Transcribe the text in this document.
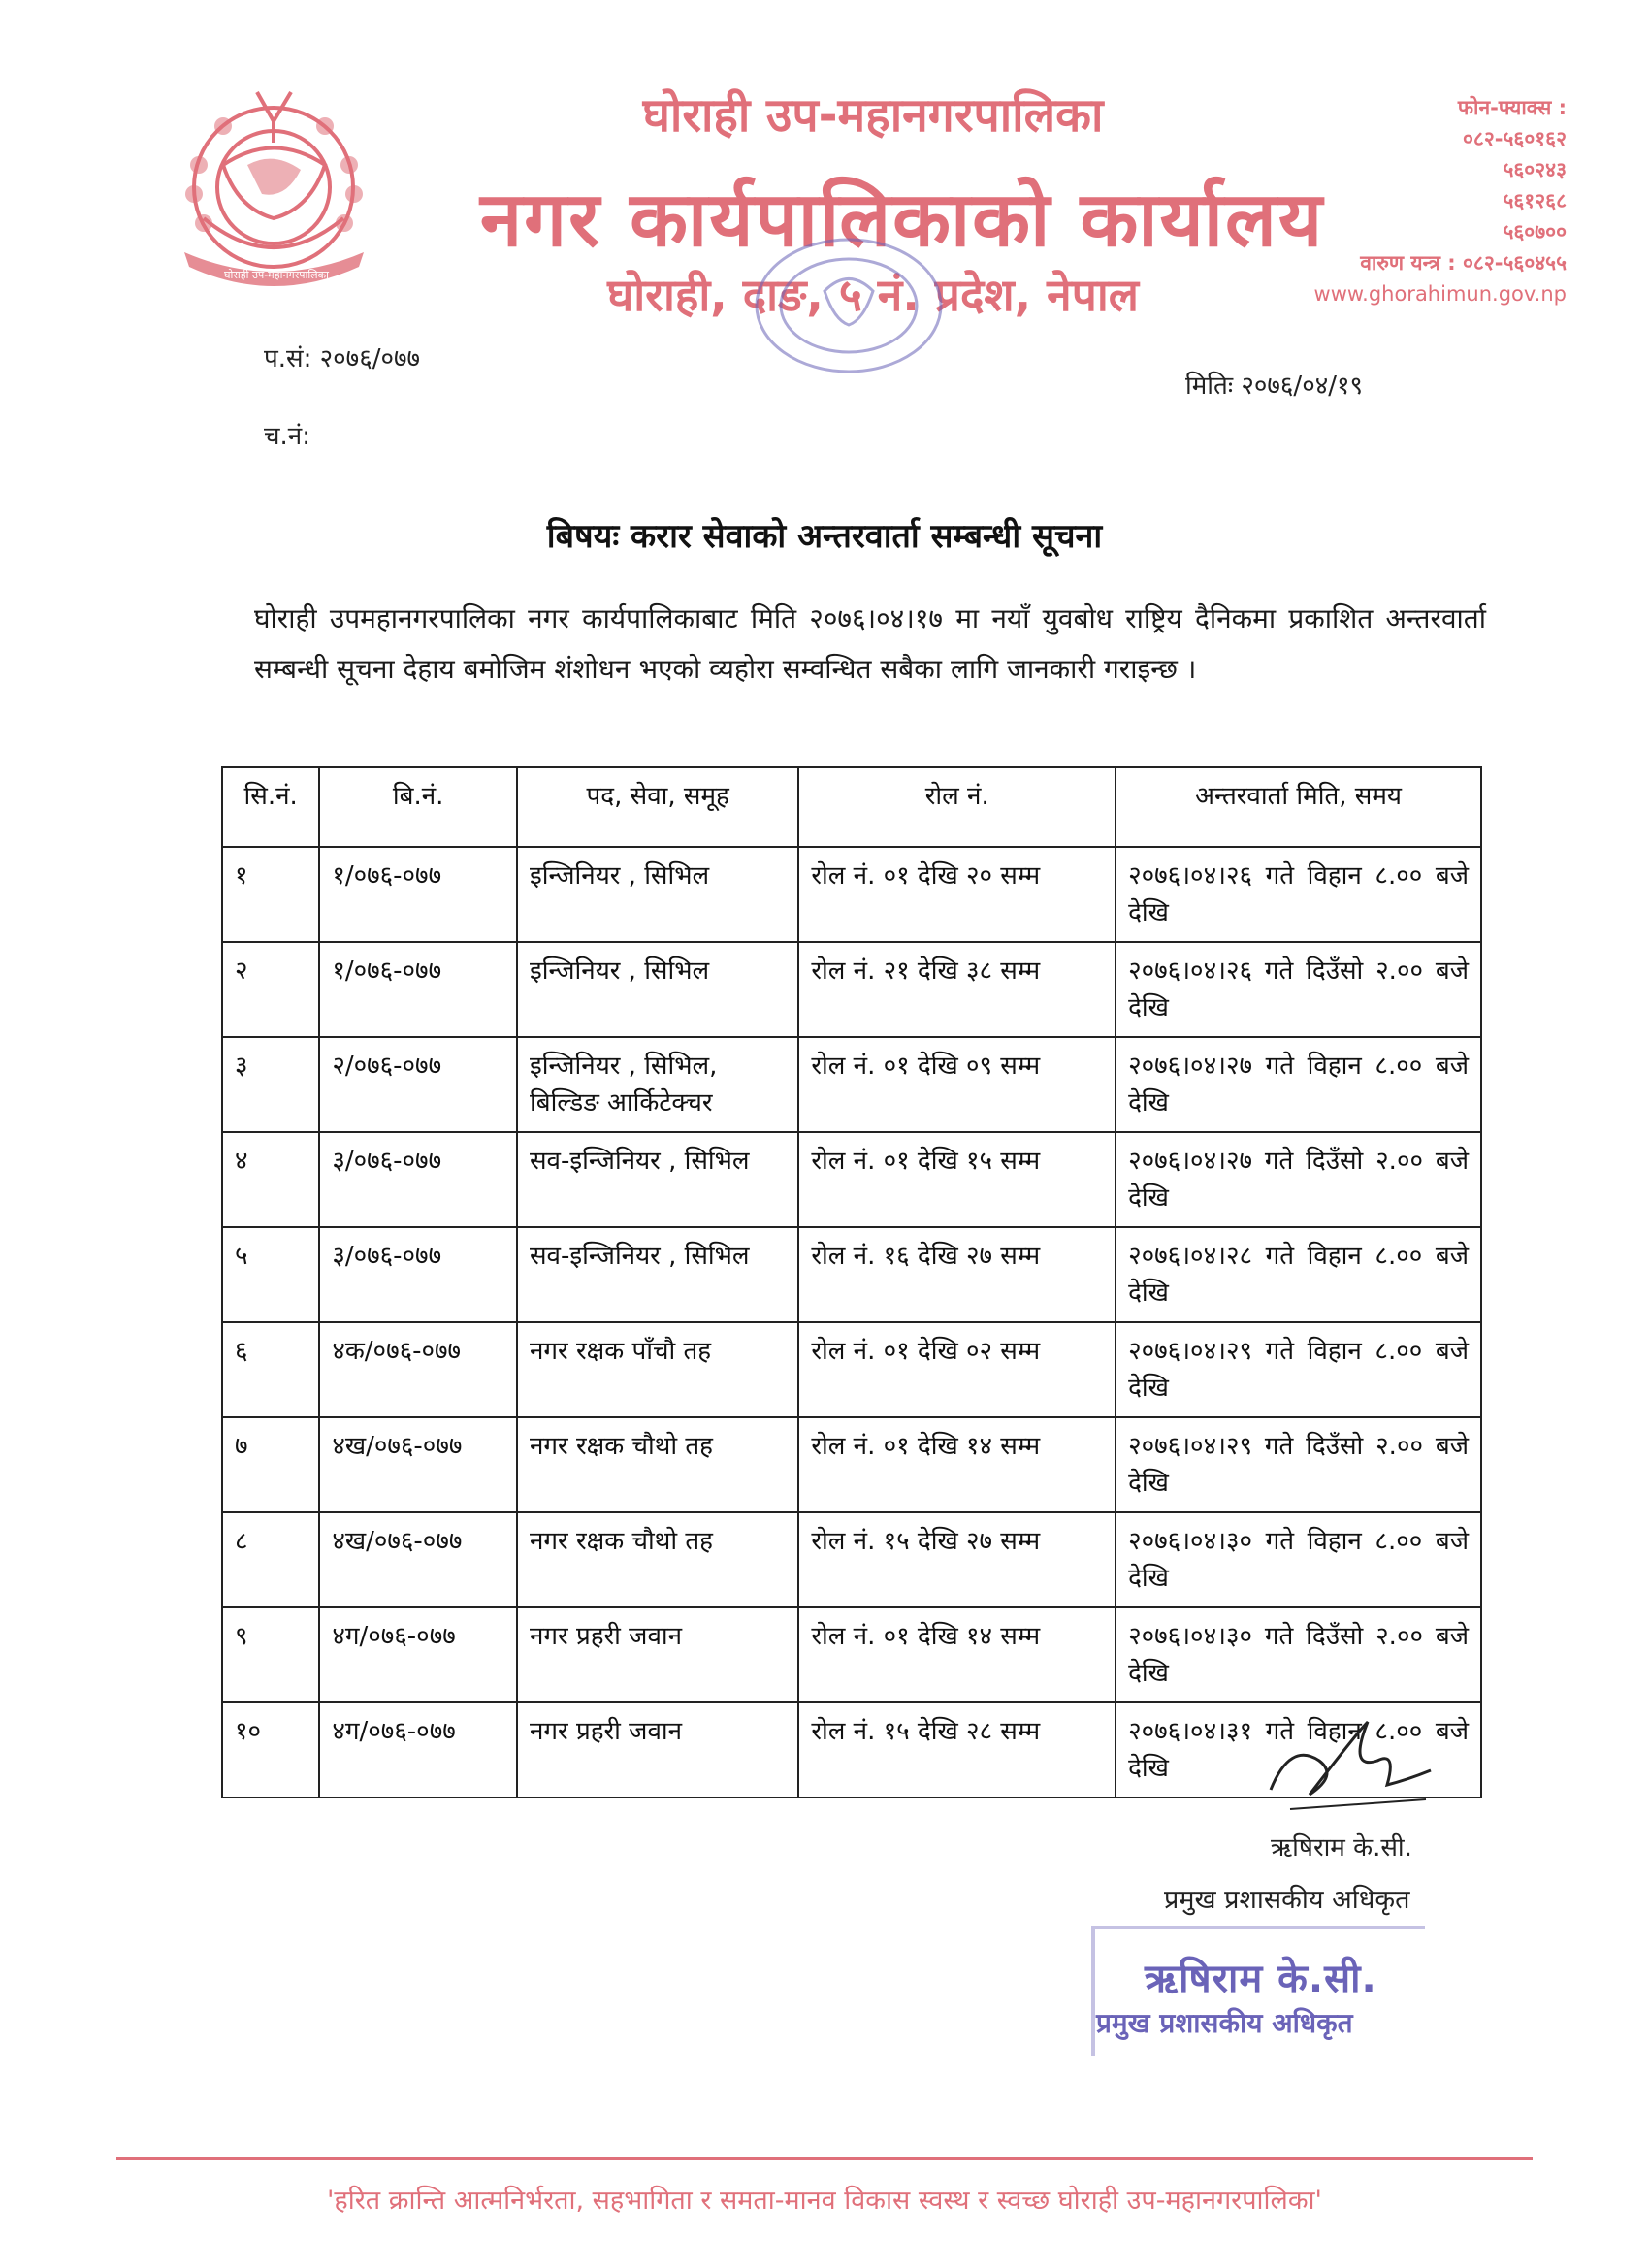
घोराही उप-महानगरपालिका
घोराही उप-महानगरपालिका
नगर कार्यपालिकाको कार्यालय
घोराही, दाङ, ५ नं. प्रदेश, नेपाल
फोन-फ्याक्स :
०८२-५६०१६२
५६०२४३
५६१२६८
५६०७००
वारुण यन्त्र : ०८२-५६०४५५
www.ghorahimun.gov.np
प.सं: २०७६/०७७
च.नं:
मितिः २०७६/०४/१९
बिषयः करार सेवाको अन्तरवार्ता सम्बन्धी सूचना
घोराही उपमहानगरपालिका नगर कार्यपालिकाबाट मिति २०७६।०४।१७ मा नयाँ युवबोध राष्ट्रिय दैनिकमा प्रकाशित अन्तरवार्ता सम्बन्धी सूचना देहाय बमोजिम शंशोधन भएको व्यहोरा सम्वन्धित सबैका लागि जानकारी गराइन्छ ।
सि.नं.	बि.नं.	पद, सेवा, समूह	रोल नं.	अन्तरवार्ता मिति, समय
१	१/०७६-०७७	इन्जिनियर , सिभिल	रोल नं. ०१ देखि २० सम्म	२०७६।०४।२६ गते विहान ८.०० बजे देखि
२	१/०७६-०७७	इन्जिनियर , सिभिल	रोल नं. २१ देखि ३८ सम्म	२०७६।०४।२६ गते दिउँसो २.०० बजे देखि
३	२/०७६-०७७	इन्जिनियर , सिभिल, बिल्डिङ आर्किटेक्चर	रोल नं. ०१ देखि ०९ सम्म	२०७६।०४।२७ गते विहान ८.०० बजे देखि
४	३/०७६-०७७	सव-इन्जिनियर , सिभिल	रोल नं. ०१ देखि १५ सम्म	२०७६।०४।२७ गते दिउँसो २.०० बजे देखि
५	३/०७६-०७७	सव-इन्जिनियर , सिभिल	रोल नं. १६ देखि २७ सम्म	२०७६।०४।२८ गते विहान ८.०० बजे देखि
६	४क/०७६-०७७	नगर रक्षक पाँचौ तह	रोल नं. ०१ देखि ०२ सम्म	२०७६।०४।२९ गते विहान ८.०० बजे देखि
७	४ख/०७६-०७७	नगर रक्षक चौथो तह	रोल नं. ०१ देखि १४ सम्म	२०७६।०४।२९ गते दिउँसो २.०० बजे देखि
८	४ख/०७६-०७७	नगर रक्षक चौथो तह	रोल नं. १५ देखि २७ सम्म	२०७६।०४।३० गते विहान ८.०० बजे देखि
९	४ग/०७६-०७७	नगर प्रहरी जवान	रोल नं. ०१ देखि १४ सम्म	२०७६।०४।३० गते दिउँसो २.०० बजे देखि
१०	४ग/०७६-०७७	नगर प्रहरी जवान	रोल नं. १५ देखि २८ सम्म	२०७६।०४।३१ गते विहान ८.०० बजे देखि
ऋषिराम के.सी.
प्रमुख प्रशासकीय अधिकृत
ऋषिराम के.सी.
प्रमुख प्रशासकीय अधिकृत
'हरित क्रान्ति आत्मनिर्भरता, सहभागिता र समता-मानव विकास स्वस्थ र स्वच्छ घोराही उप-महानगरपालिका'
